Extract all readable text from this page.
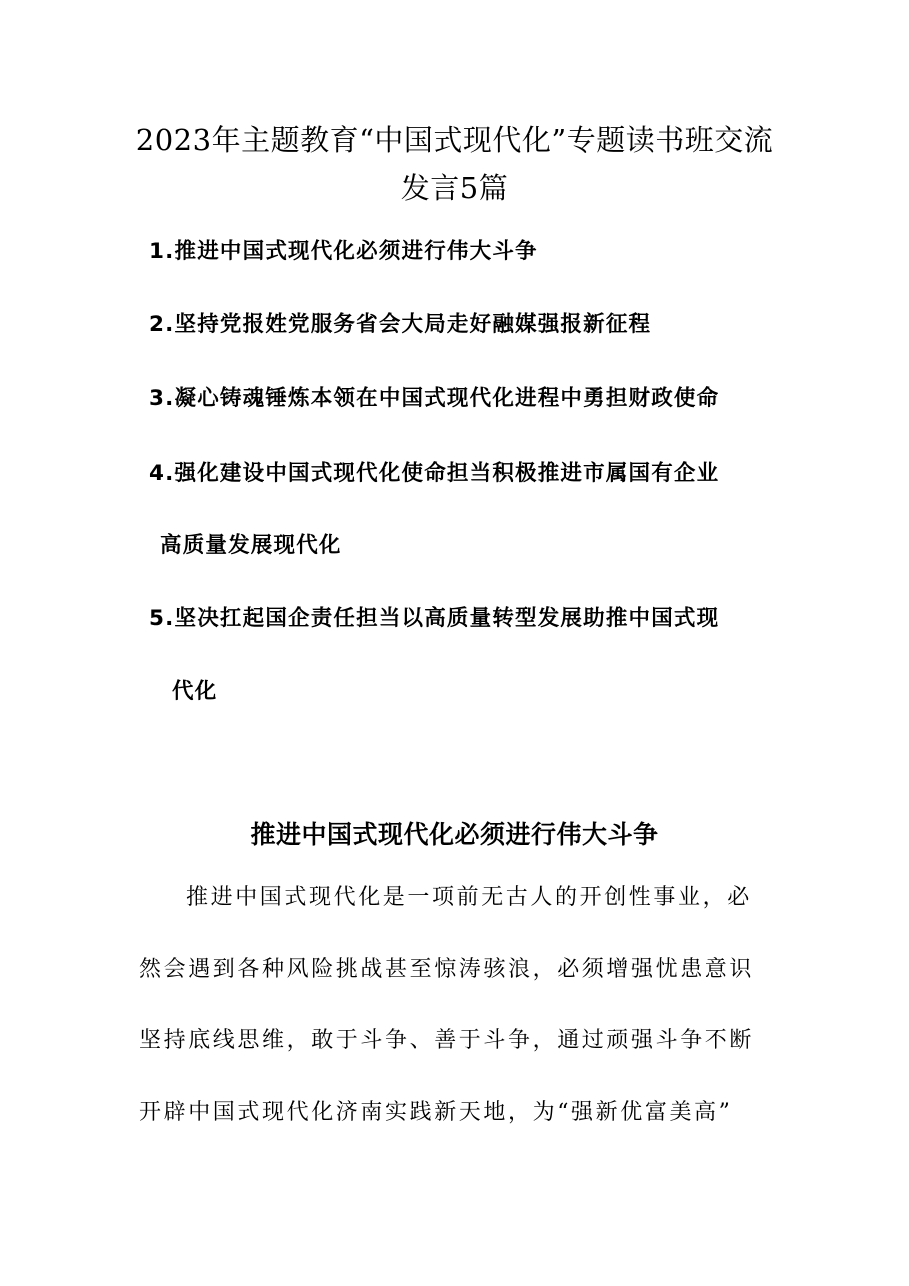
2023年主题教育“中国式现代化”专题读书班交流
发言5篇
1.推进中国式现代化必须进行伟大斗争
2.坚持党报姓党服务省会大局走好融媒强报新征程
3.凝心铸魂锤炼本领在中国式现代化进程中勇担财政使命
4.强化建设中国式现代化使命担当积极推进市属国有企业
高质量发展现代化
5.坚决扛起国企责任担当以高质量转型发展助推中国式现
代化
推进中国式现代化必须进行伟大斗争
推进中国式现代化是一项前无古人的开创性事业，必
然会遇到各种风险挑战甚至惊涛骇浪，必须增强忧患意识
坚持底线思维，敢于斗争、善于斗争，通过顽强斗争不断
开辟中国式现代化济南实践新天地，为“强新优富美高”
